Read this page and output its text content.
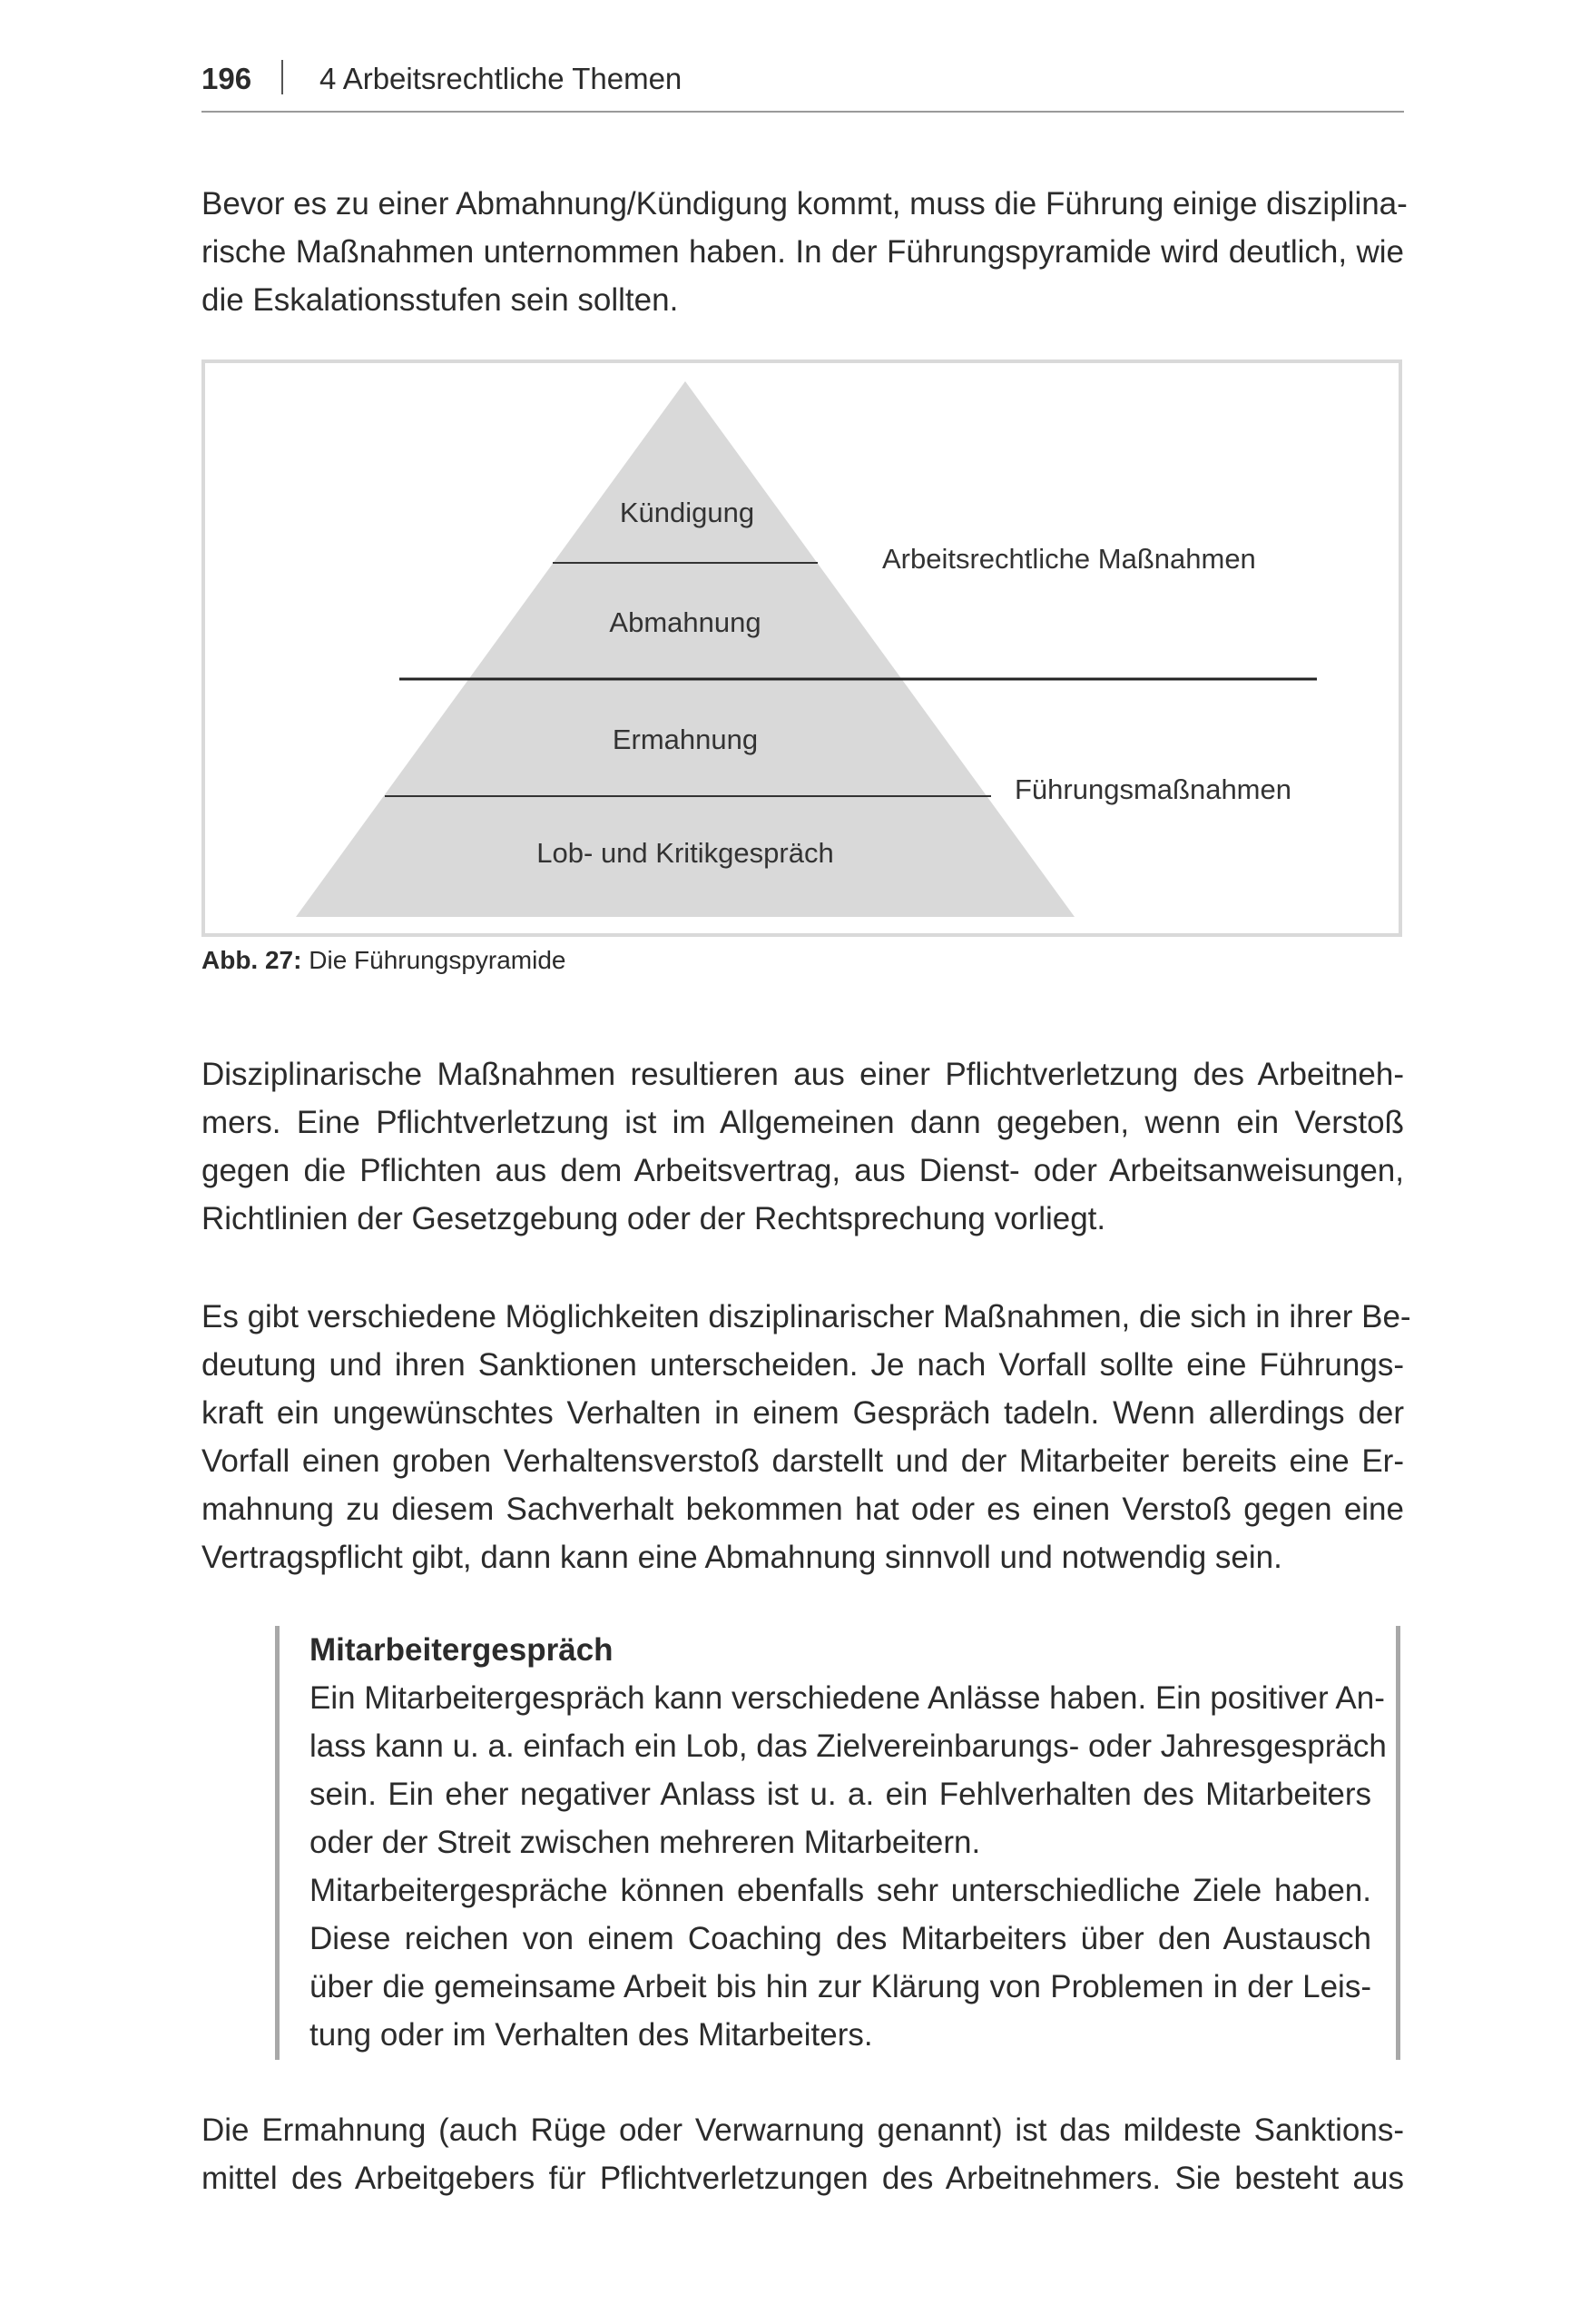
196 4 Arbeitsrechtliche Themen

Bevor es zu einer Abmahnung/Kündigung kommt, muss die Führung einige disziplina-
rische Maßnahmen unternommen haben. In der Führungspyramide wird deutlich, wie
die Eskalationsstufen sein sollten.

Kündigung
Abmahnung
Ermahnung
Lob- und Kritikgespräch
Arbeitsrechtliche Maßnahmen
Führungsmaßnahmen
Abb. 27: Die Führungspyramide

Disziplinarische Maßnahmen resultieren aus einer Pflichtverletzung des Arbeitneh-
mers. Eine Pflichtverletzung ist im Allgemeinen dann gegeben, wenn ein Verstoß
gegen die Pflichten aus dem Arbeitsvertrag, aus Dienst- oder Arbeitsanweisungen,
Richtlinien der Gesetzgebung oder der Rechtsprechung vorliegt.

Es gibt verschiedene Möglichkeiten disziplinarischer Maßnahmen, die sich in ihrer Be-
deutung und ihren Sanktionen unterscheiden. Je nach Vorfall sollte eine Führungs-
kraft ein ungewünschtes Verhalten in einem Gespräch tadeln. Wenn allerdings der
Vorfall einen groben Verhaltensverstoß darstellt und der Mitarbeiter bereits eine Er-
mahnung zu diesem Sachverhalt bekommen hat oder es einen Verstoß gegen eine
Vertragspflicht gibt, dann kann eine Abmahnung sinnvoll und notwendig sein.

Mitarbeitergespräch
Ein Mitarbeitergespräch kann verschiedene Anlässe haben. Ein positiver An-
lass kann u. a. einfach ein Lob, das Zielvereinbarungs- oder Jahresgespräch
sein. Ein eher negativer Anlass ist u. a. ein Fehlverhalten des Mitarbeiters
oder der Streit zwischen mehreren Mitarbeitern.
Mitarbeitergespräche können ebenfalls sehr unterschiedliche Ziele haben.
Diese reichen von einem Coaching des Mitarbeiters über den Austausch
über die gemeinsame Arbeit bis hin zur Klärung von Problemen in der Leis-
tung oder im Verhalten des Mitarbeiters.

Die Ermahnung (auch Rüge oder Verwarnung genannt) ist das mildeste Sanktions-
mittel des Arbeitgebers für Pflichtverletzungen des Arbeitnehmers. Sie besteht aus
